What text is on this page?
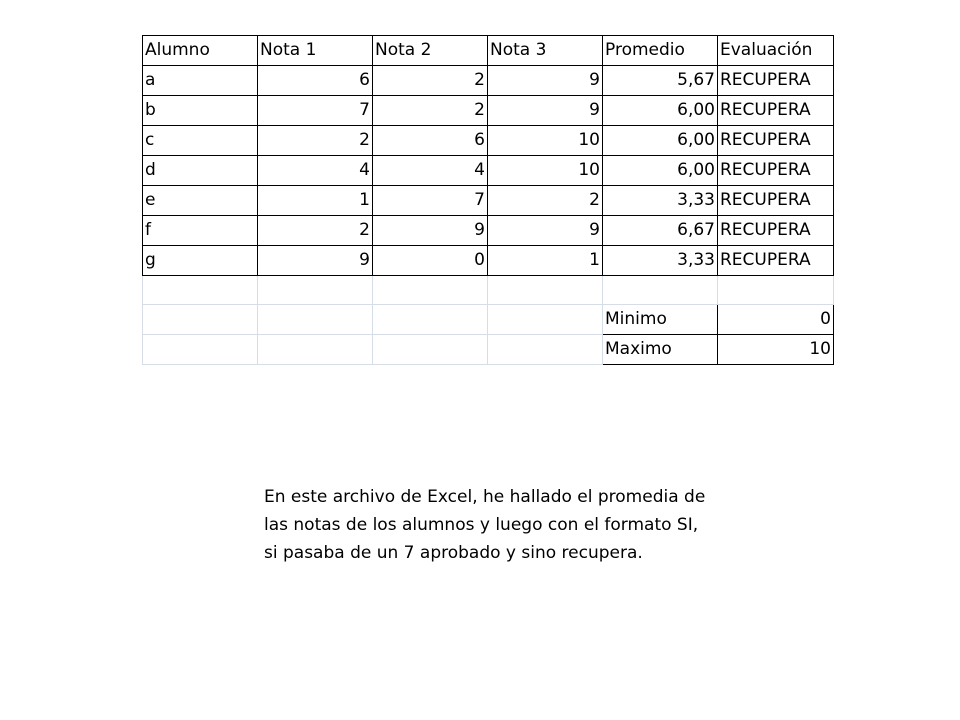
Alumno	Nota 1	Nota 2	Nota 3	Promedio	Evaluación
a	6	2	9	5,67	RECUPERA
b	7	2	9	6,00	RECUPERA
c	2	6	10	6,00	RECUPERA
d	4	4	10	6,00	RECUPERA
e	1	7	2	3,33	RECUPERA
f	2	9	9	6,67	RECUPERA
g	9	0	1	3,33	RECUPERA

				Minimo	0
				Maximo	10

En este archivo de Excel, he hallado el promedia de

las notas de los alumnos y luego con el formato SI,

si pasaba de un 7 aprobado y sino recupera.
